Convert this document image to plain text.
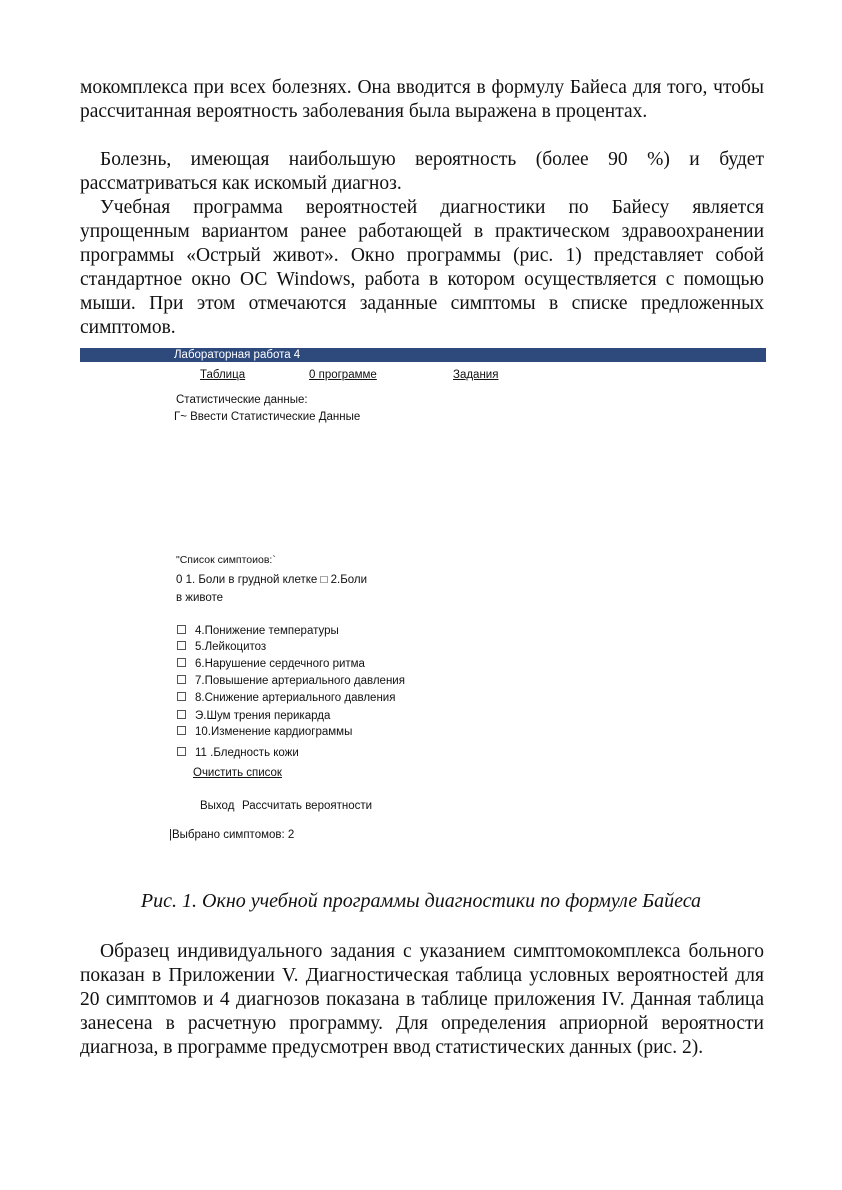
мокомплекса при всех болезнях. Она вводится в формулу Байеса для того, чтобы рассчитанная вероятность заболевания была выражена в процентах.

Болезнь, имеющая наибольшую вероятность (более 90 %) и будет рассматриваться как искомый диагноз.

Учебная программа вероятностей диагностики по Байесу является упрощенным вариантом ранее работающей в практическом здравоохранении программы «Острый живот». Окно программы (рис. 1) представляет собой стандартное окно ОС Windows, работа в котором осуществляется с помощью мыши. При этом отмечаются заданные симптомы в списке предложенных симптомов.

Лабораторная работа 4
Таблица	0 программе	Задания
Статистические данные:
Г~ Ввести Статистические Данные
"Список симптоиов:`
0 1. Боли в грудной клетке □ 2.Боли
в животе
4.Понижение температуры
5.Лейкоцитоз
6.Нарушение сердечного ритма
7.Повышение артериального давления
8.Снижение артериального давления
Э.Шум трения перикарда
10.Изменение кардиограммы
11 .Бледность кожи
Очистить список
Выход Рассчитать вероятности
|Выбрано симптомов: 2
Рис. 1. Окно учебной программы диагностики по формуле Байеса

Образец индивидуального задания с указанием симптомокомплекса больного показан в Приложении V. Диагностическая таблица условных вероятностей для 20 симптомов и 4 диагнозов показана в таблице приложения IV. Данная таблица занесена в расчетную программу. Для определения априорной вероятности диагноза, в программе предусмотрен ввод статистических данных (рис. 2).
